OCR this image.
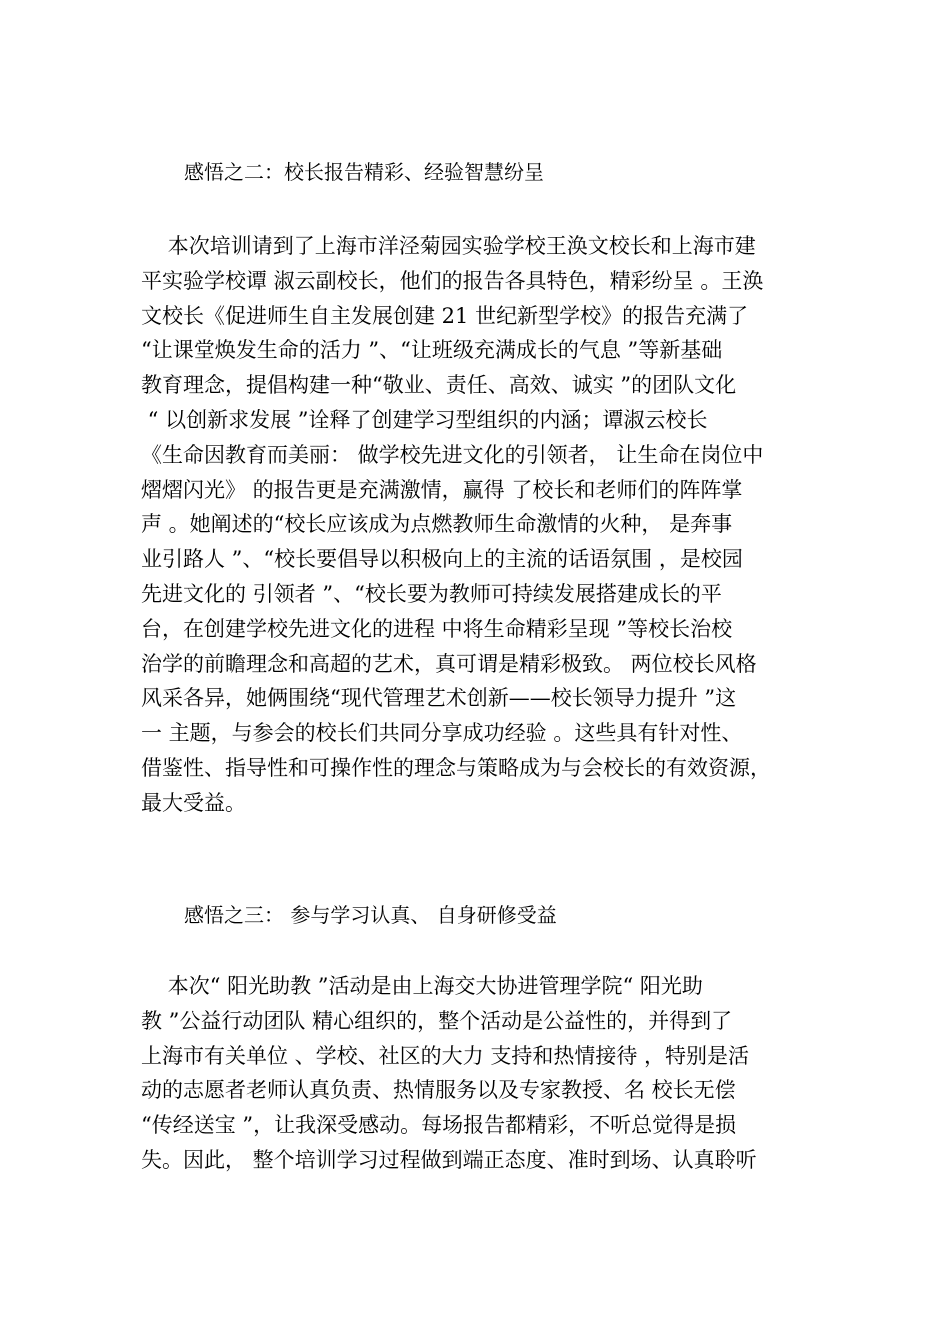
感悟之二：校长报告精彩、经验智慧纷呈
本次培训请到了上海市洋泾菊园实验学校王涣文校长和上海市建
平实验学校谭 淑云副校长，他们的报告各具特色，精彩纷呈 。王涣
文校长《促进师生自主发展创建 21 世纪新型学校》的报告充满了
“让课堂焕发生命的活力 ”、“让班级充满成长的气息 ”等新基础
教育理念，提倡构建一种“敬业、责任、高效、诚实 ”的团队文化
“ 以创新求发展 ”诠释了创建学习型组织的内涵；谭淑云校长
《生命因教育而美丽： 做学校先进文化的引领者， 让生命在岗位中
熠熠闪光》 的报告更是充满激情，赢得 了校长和老师们的阵阵掌
声 。她阐述的“校长应该成为点燃教师生命激情的火种， 是奔事
业引路人 ”、“校长要倡导以积极向上的主流的话语氛围 ，是校园
先进文化的 引领者 ”、“校长要为教师可持续发展搭建成长的平
台，在创建学校先进文化的进程 中将生命精彩呈现 ”等校长治校
治学的前瞻理念和高超的艺术，真可谓是精彩极致。 两位校长风格
风采各异，她俩围绕“现代管理艺术创新——校长领导力提升 ”这
一 主题，与参会的校长们共同分享成功经验 。这些具有针对性、
借鉴性、指导性和可操作性的理念与策略成为与会校长的有效资源，
最大受益。
感悟之三： 参与学习认真、 自身研修受益
本次“ 阳光助教 ”活动是由上海交大协进管理学院“ 阳光助
教 ”公益行动团队 精心组织的，整个活动是公益性的，并得到了
上海市有关单位 、学校、社区的大力 支持和热情接待 ，特别是活
动的志愿者老师认真负责、热情服务以及专家教授、名 校长无偿
“传经送宝 ”，让我深受感动。每场报告都精彩，不听总觉得是损
失。因此， 整个培训学习过程做到端正态度、准时到场、认真聆听
